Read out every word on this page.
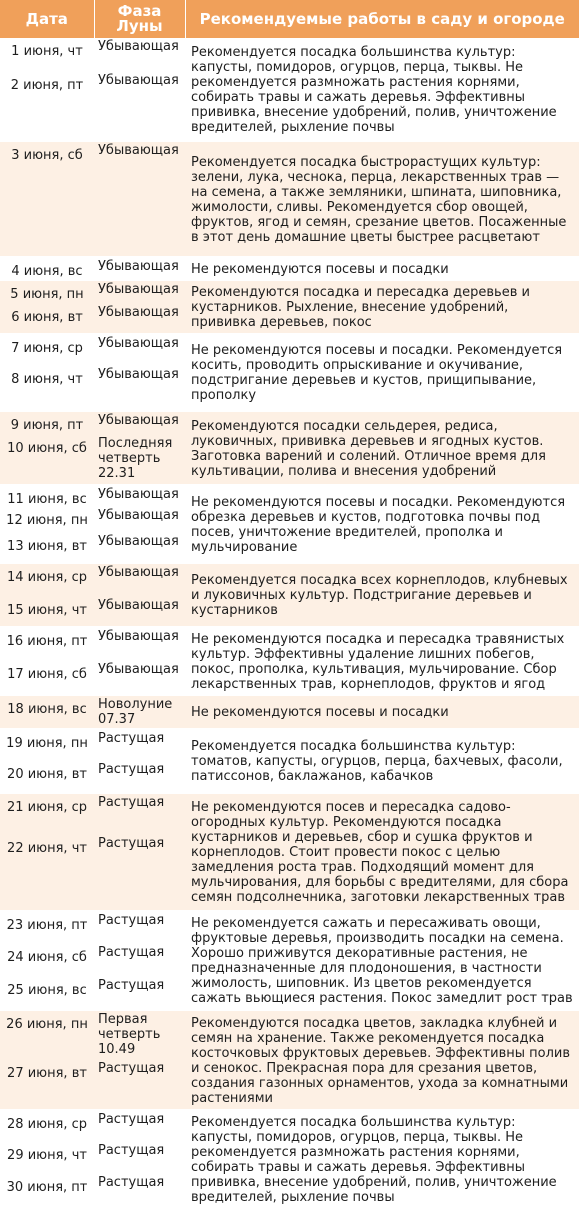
Дата	Фаза Луны	Рекомендуемые работы в саду и огороде
1 июня, чт	Убывающая	Рекомендуется посадка большинства культур: капусты, помидоров, огурцов, перца, тыквы. Не рекомендуется размножать растения корнями, собирать травы и сажать деревья. Эффективны прививка, внесение удобрений, полив, уничтожение вредителей, рыхление почвы
2 июня, пт	Убывающая	
3 июня, сб	Убывающая	Рекомендуется посадка быстрорастущих культур: зелени, лука, чеснока, перца, лекарственных трав — на семена, а также земляники, шпината, шиповника, жимолости, сливы. Рекомендуется сбор овощей, фруктов, ягод и семян, срезание цветов. Посаженные в этот день домашние цветы быстрее расцветают
4 июня, вс	Убывающая	Не рекомендуются посевы и посадки
5 июня, пн	Убывающая	Рекомендуются посадка и пересадка деревьев и кустарников. Рыхление, внесение удобрений, прививка деревьев, покос
6 июня, вт	Убывающая	
7 июня, ср	Убывающая	Не рекомендуются посевы и посадки. Рекомендуется косить, проводить опрыскивание и окучивание, подстригание деревьев и кустов, прищипывание, прополку
8 июня, чт	Убывающая	
9 июня, пт	Убывающая	Рекомендуются посадки сельдерея, редиса, луковичных, прививка деревьев и ягодных кустов. Заготовка варений и солений. Отличное время для культивации, полива и внесения удобрений
10 июня, сб	Последняя четверть 22.31	
11 июня, вс	Убывающая	Не рекомендуются посевы и посадки. Рекомендуются обрезка деревьев и кустов, подготовка почвы под посев, уничтожение вредителей, прополка и мульчирование
12 июня, пн	Убывающая	
13 июня, вт	Убывающая	
14 июня, ср	Убывающая	Рекомендуется посадка всех корнеплодов, клубневых и луковичных культур. Подстригание деревьев и кустарников
15 июня, чт	Убывающая	
16 июня, пт	Убывающая	Не рекомендуются посадка и пересадка травянистых культур. Эффективны удаление лишних побегов, покос, прополка, культивация, мульчирование. Сбор лекарственных трав, корнеплодов, фруктов и ягод
17 июня, сб	Убывающая	
18 июня, вс	Новолуние 07.37	Не рекомендуются посевы и посадки
19 июня, пн	Растущая	Рекомендуется посадка большинства культур: томатов, капусты, огурцов, перца, бахчевых, фасоли, патиссонов, баклажанов, кабачков
20 июня, вт	Растущая	
21 июня, ср	Растущая	Не рекомендуются посев и пересадка садово-огородных культур. Рекомендуются посадка кустарников и деревьев, сбор и сушка фруктов и корнеплодов. Стоит провести покос с целью замедления роста трав. Подходящий момент для мульчирования, для борьбы с вредителями, для сбора семян подсолнечника, заготовки лекарственных трав
22 июня, чт	Растущая	
23 июня, пт	Растущая	Не рекомендуется сажать и пересаживать овощи, фруктовые деревья, производить посадки на семена. Хорошо приживутся декоративные растения, не предназначенные для плодоношения, в частности жимолость, шиповник. Из цветов рекомендуется сажать вьющиеся растения. Покос замедлит рост трав
24 июня, сб	Растущая	
25 июня, вс	Растущая	
26 июня, пн	Первая четверть 10.49	Рекомендуются посадка цветов, закладка клубней и семян на хранение. Также рекомендуется посадка косточковых фруктовых деревьев. Эффективны полив и сенокос. Прекрасная пора для срезания цветов, создания газонных орнаментов, ухода за комнатными растениями
27 июня, вт	Растущая	
28 июня, ср	Растущая	Рекомендуется посадка большинства культур: капусты, помидоров, огурцов, перца, тыквы. Не рекомендуется размножать растения корнями, собирать травы и сажать деревья. Эффективны прививка, внесение удобрений, полив, уничтожение вредителей, рыхление почвы
29 июня, чт	Растущая	
30 июня, пт	Растущая	
